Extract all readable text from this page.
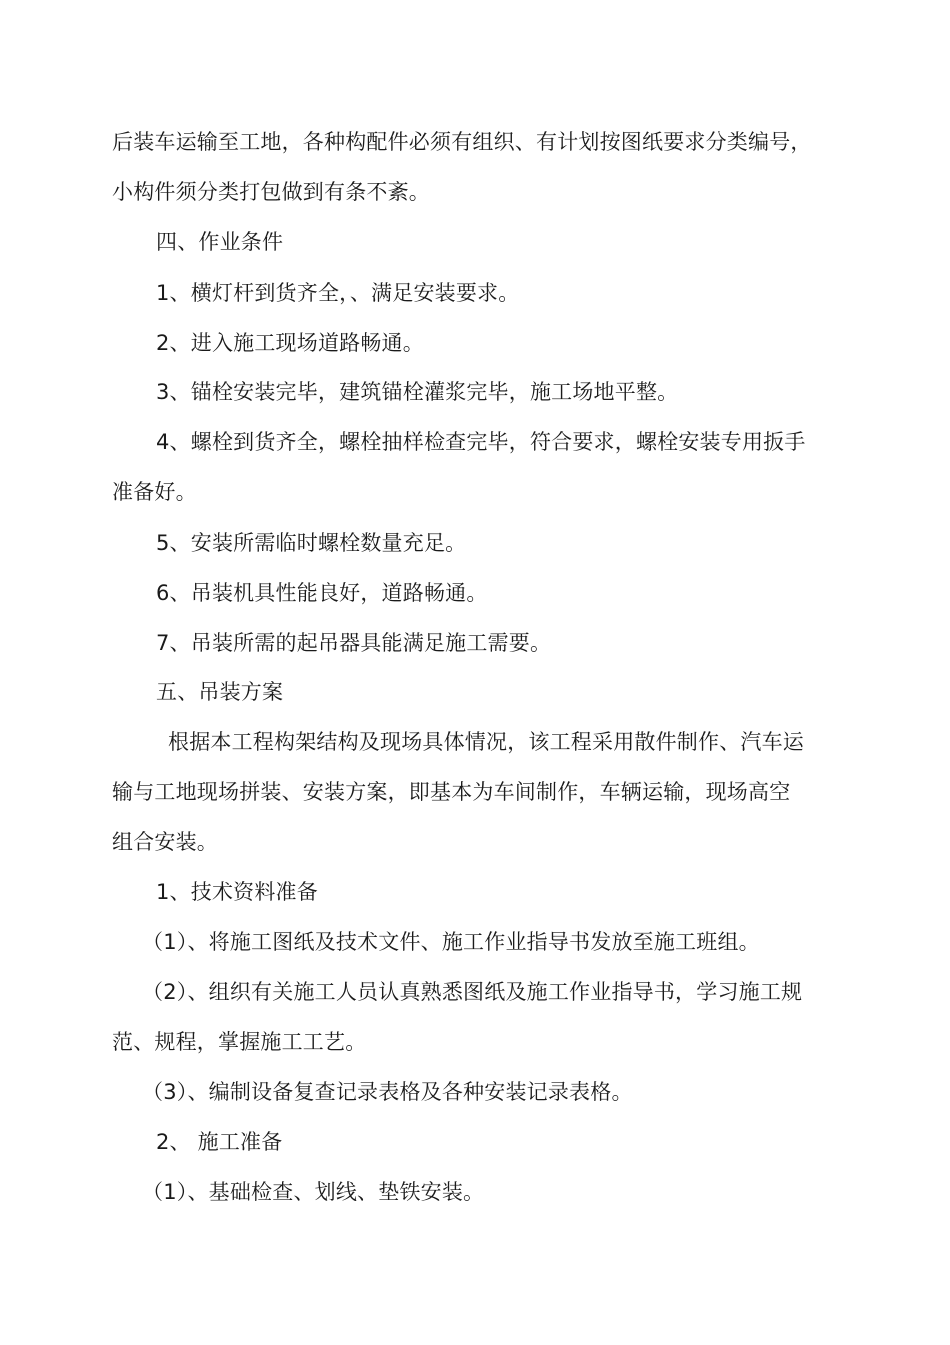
后装车运输至工地，各种构配件必须有组织、有计划按图纸要求分类编号，
小构件须分类打包做到有条不紊。
四、作业条件
1、横灯杆到货齐全，、满足安装要求。
2、进入施工现场道路畅通。
3、锚栓安装完毕，建筑锚栓灌浆完毕，施工场地平整。
4、螺栓到货齐全，螺栓抽样检查完毕，符合要求，螺栓安装专用扳手
准备好。
5、安装所需临时螺栓数量充足。
6、吊装机具性能良好，道路畅通。
7、吊装所需的起吊器具能满足施工需要。
五、吊装方案
根据本工程构架结构及现场具体情况，该工程采用散件制作、汽车运
输与工地现场拼装、安装方案，即基本为车间制作，车辆运输，现场高空
组合安装。
1、技术资料准备
（1）、将施工图纸及技术文件、施工作业指导书发放至施工班组。
（2）、组织有关施工人员认真熟悉图纸及施工作业指导书，学习施工规
范、规程，掌握施工工艺。
（3）、编制设备复查记录表格及各种安装记录表格。
2、 施工准备
（1）、基础检查、划线、垫铁安装。
